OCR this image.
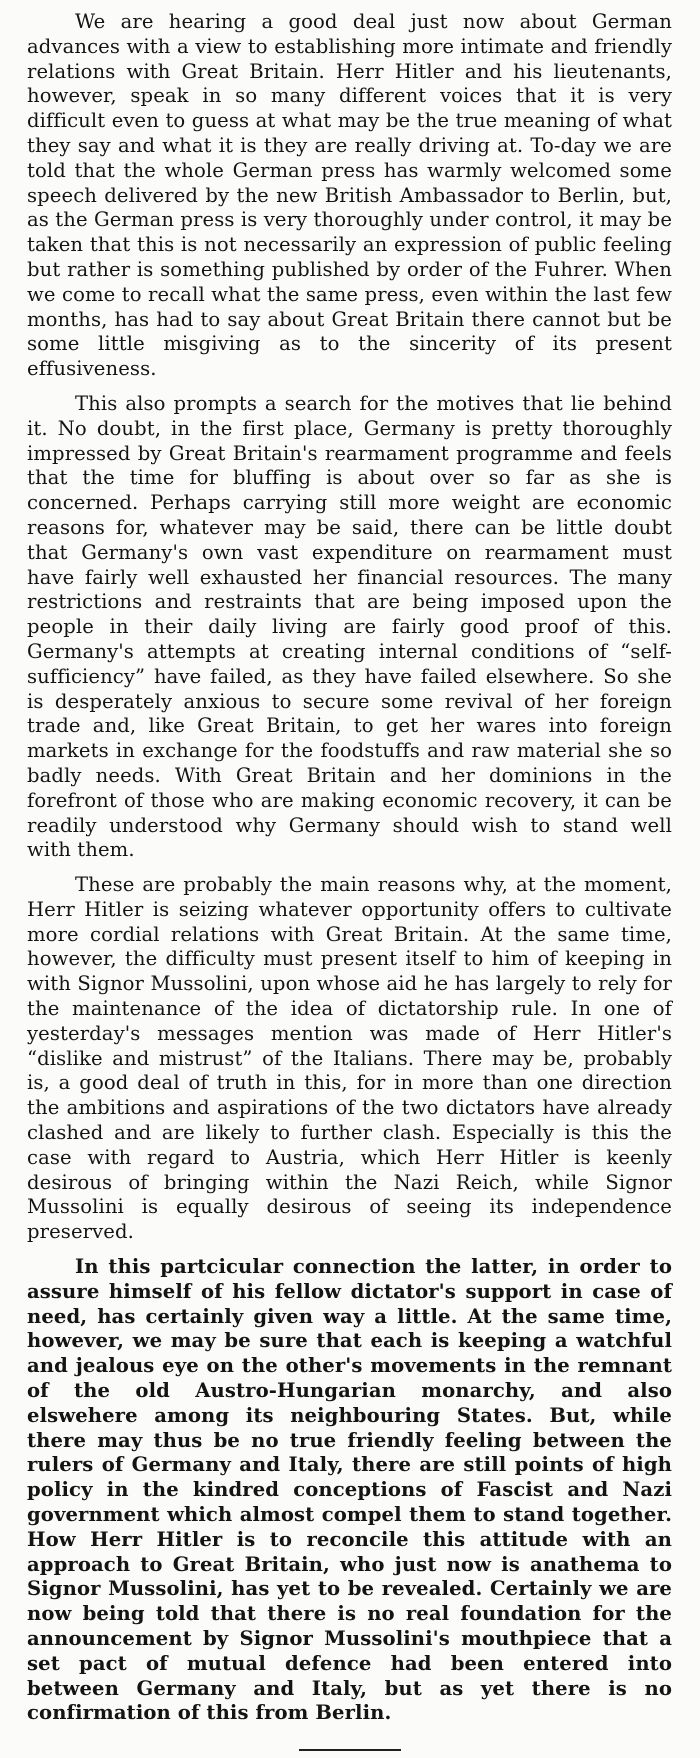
We are hearing a good deal just now about German advances with a view to establishing more intimate and friendly relations with Great Britain. Herr Hitler and his lieutenants, however, speak in so many different voices that it is very difficult even to guess at what may be the true meaning of what they say and what it is they are really driving at. To-day we are told that the whole German press has warmly welcomed some speech delivered by the new British Ambassador to Berlin, but, as the German press is very thoroughly under control, it may be taken that this is not necessarily an expression of public feeling but rather is something published by order of the Fuhrer. When we come to recall what the same press, even within the last few months, has had to say about Great Britain there cannot but be some little misgiving as to the sincerity of its present effusiveness.

This also prompts a search for the motives that lie behind it. No doubt, in the first place, Germany is pretty thoroughly impressed by Great Britain's rearmament programme and feels that the time for bluffing is about over so far as she is concerned. Perhaps carrying still more weight are economic reasons for, whatever may be said, there can be little doubt that Germany's own vast expenditure on rearmament must have fairly well exhausted her financial resources. The many restrictions and restraints that are being imposed upon the people in their daily living are fairly good proof of this. Germany's attempts at creating internal conditions of “self-sufficiency” have failed, as they have failed elsewhere. So she is desperately anxious to secure some revival of her foreign trade and, like Great Britain, to get her wares into foreign markets in exchange for the foodstuffs and raw material she so badly needs. With Great Britain and her dominions in the forefront of those who are making economic recovery, it can be readily understood why Germany should wish to stand well with them.

These are probably the main reasons why, at the moment, Herr Hitler is seizing whatever opportunity offers to cultivate more cordial relations with Great Britain. At the same time, however, the difficulty must present itself to him of keeping in with Signor Mussolini, upon whose aid he has largely to rely for the maintenance of the idea of dictatorship rule. In one of yesterday's messages mention was made of Herr Hitler's “dislike and mistrust” of the Italians. There may be, probably is, a good deal of truth in this, for in more than one direction the ambitions and aspirations of the two dictators have already clashed and are likely to further clash. Especially is this the case with regard to Austria, which Herr Hitler is keenly desirous of bringing within the Nazi Reich, while Signor Mussolini is equally desirous of seeing its independence preserved.

In this partcicular connection the latter, in order to assure himself of his fellow dictator's support in case of need, has certainly given way a little. At the same time, however, we may be sure that each is keeping a watchful and jealous eye on the other's movements in the remnant of the old Austro-Hungarian monarchy, and also elswehere among its neighbouring States. But, while there may thus be no true friendly feeling between the rulers of Germany and Italy, there are still points of high policy in the kindred conceptions of Fascist and Nazi government which almost compel them to stand together. How Herr Hitler is to reconcile this attitude with an approach to Great Britain, who just now is anathema to Signor Mussolini, has yet to be revealed. Certainly we are now being told that there is no real foundation for the announcement by Signor Mussolini's mouthpiece that a set pact of mutual defence had been entered into between Germany and Italy, but as yet there is no confirmation of this from Berlin.
